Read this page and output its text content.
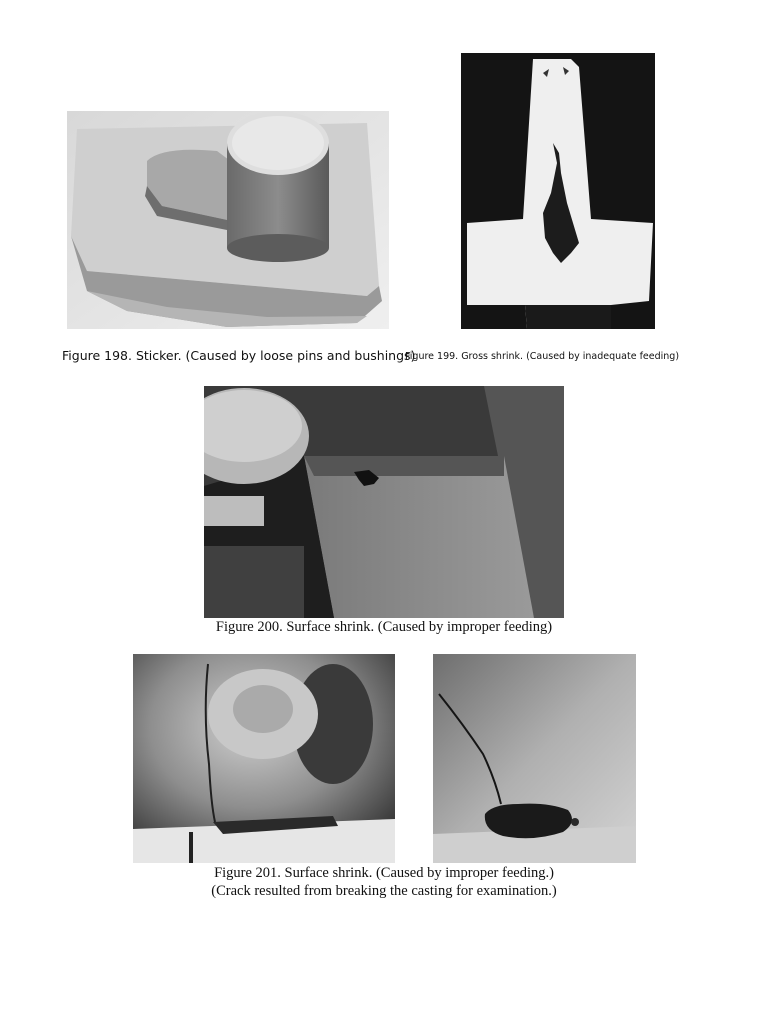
Figure 198. Sticker. (Caused by loose pins and bushings)
Figure 199. Gross shrink. (Caused by inadequate feeding)
Figure 200. Surface shrink. (Caused by improper feeding)
Figure 201. Surface shrink. (Caused by improper feeding.)
(Crack resulted from breaking the casting for examination.)
